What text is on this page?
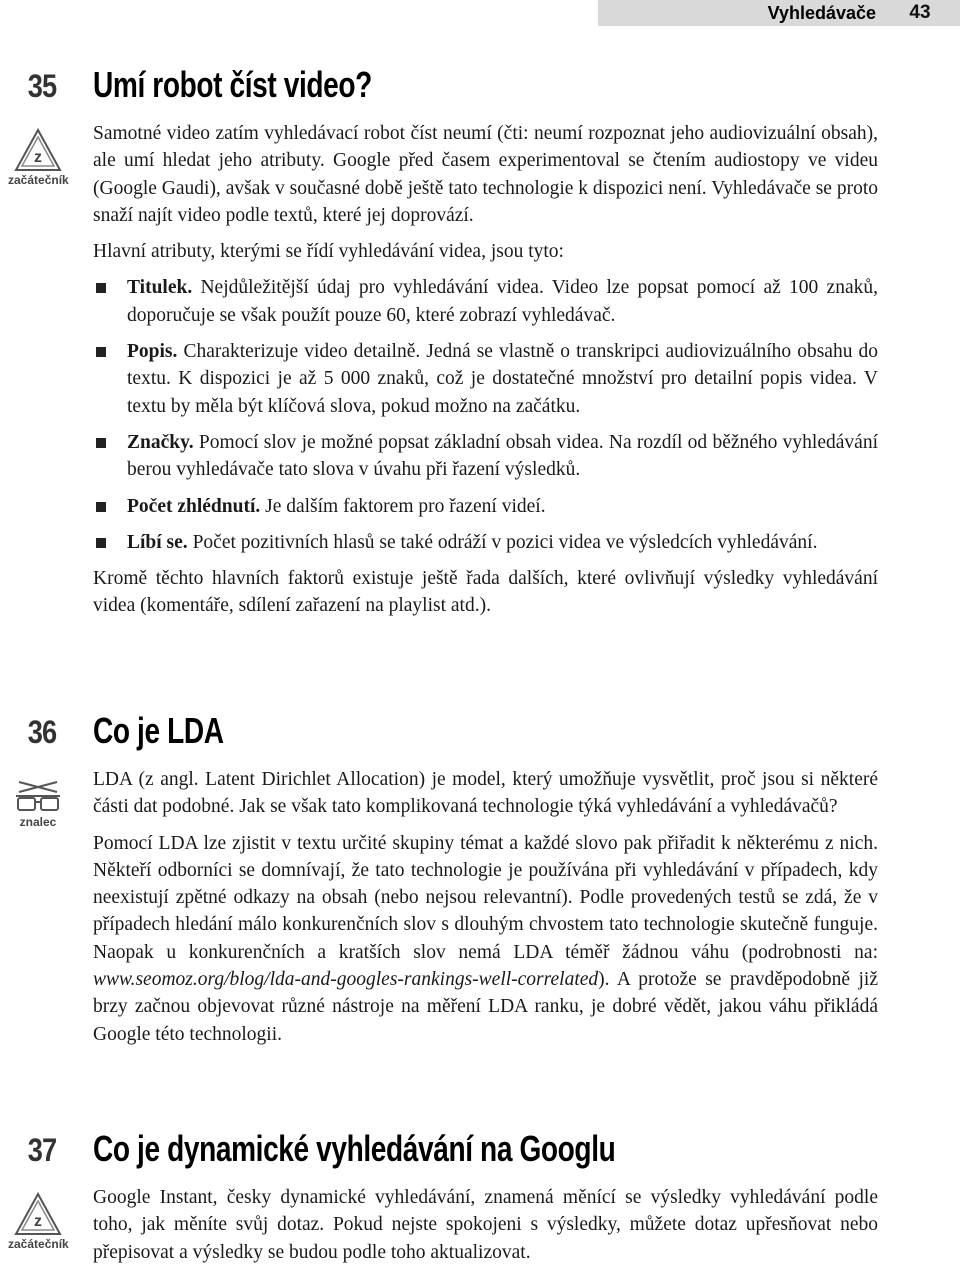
Vyhledávače	43
35	Umí robot číst video?
z
začátečník

Samotné video zatím vyhledávací robot číst neumí (čti: neumí rozpoznat jeho audiovizuální obsah), ale umí hledat jeho atributy. Google před časem experimentoval se čtením audiostopy ve videu (Google Gaudi), avšak v současné době ještě tato technologie k dispozici není. Vyhledávače se proto snaží najít video podle textů, které jej doprovází.

Hlavní atributy, kterými se řídí vyhledávání videa, jsou tyto:

Titulek. Nejdůležitější údaj pro vyhledávání videa. Video lze popsat pomocí až 100 znaků, doporučuje se však použít pouze 60, které zobrazí vyhledávač.
Popis. Charakterizuje video detailně. Jedná se vlastně o transkripci audiovizuálního obsahu do textu. K dispozici je až 5 000 znaků, což je dostatečné množství pro detailní popis videa. V textu by měla být klíčová slova, pokud možno na začátku.
Značky. Pomocí slov je možné popsat základní obsah videa. Na rozdíl od běžného vyhledávání berou vyhledávače tato slova v úvahu při řazení výsledků.
Počet zhlédnutí. Je dalším faktorem pro řazení videí.
Líbí se. Počet pozitivních hlasů se také odráží v pozici videa ve výsledcích vyhledávání.

Kromě těchto hlavních faktorů existuje ještě řada dalších, které ovlivňují výsledky vyhledávání videa (komentáře, sdílení zařazení na playlist atd.).

36	Co je LDA
znalec

LDA (z angl. Latent Dirichlet Allocation) je model, který umožňuje vysvětlit, proč jsou si některé části dat podobné. Jak se však tato komplikovaná technologie týká vyhledávání a vyhledávačů?

Pomocí LDA lze zjistit v textu určité skupiny témat a každé slovo pak přiřadit k některému z nich. Někteří odborníci se domnívají, že tato technologie je používána při vyhledávání v případech, kdy neexistují zpětné odkazy na obsah (nebo nejsou relevantní). Podle provedených testů se zdá, že v případech hledání málo konkurenčních slov s dlouhým chvostem tato technologie skutečně funguje. Naopak u konkurenčních a kratších slov nemá LDA téměř žádnou váhu (podrobnosti na: www.seomoz.org/blog/lda-and-googles-rankings-well-correlated). A protože se pravděpodobně již brzy začnou objevovat různé nástroje na měření LDA ranku, je dobré vědět, jakou váhu přikládá Google této technologii.

37	Co je dynamické vyhledávání na Googlu
z
začátečník

Google Instant, česky dynamické vyhledávání, znamená měnící se výsledky vyhledávání podle toho, jak měníte svůj dotaz. Pokud nejste spokojeni s výsledky, můžete dotaz upřesňovat nebo přepisovat a výsledky se budou podle toho aktualizovat.
